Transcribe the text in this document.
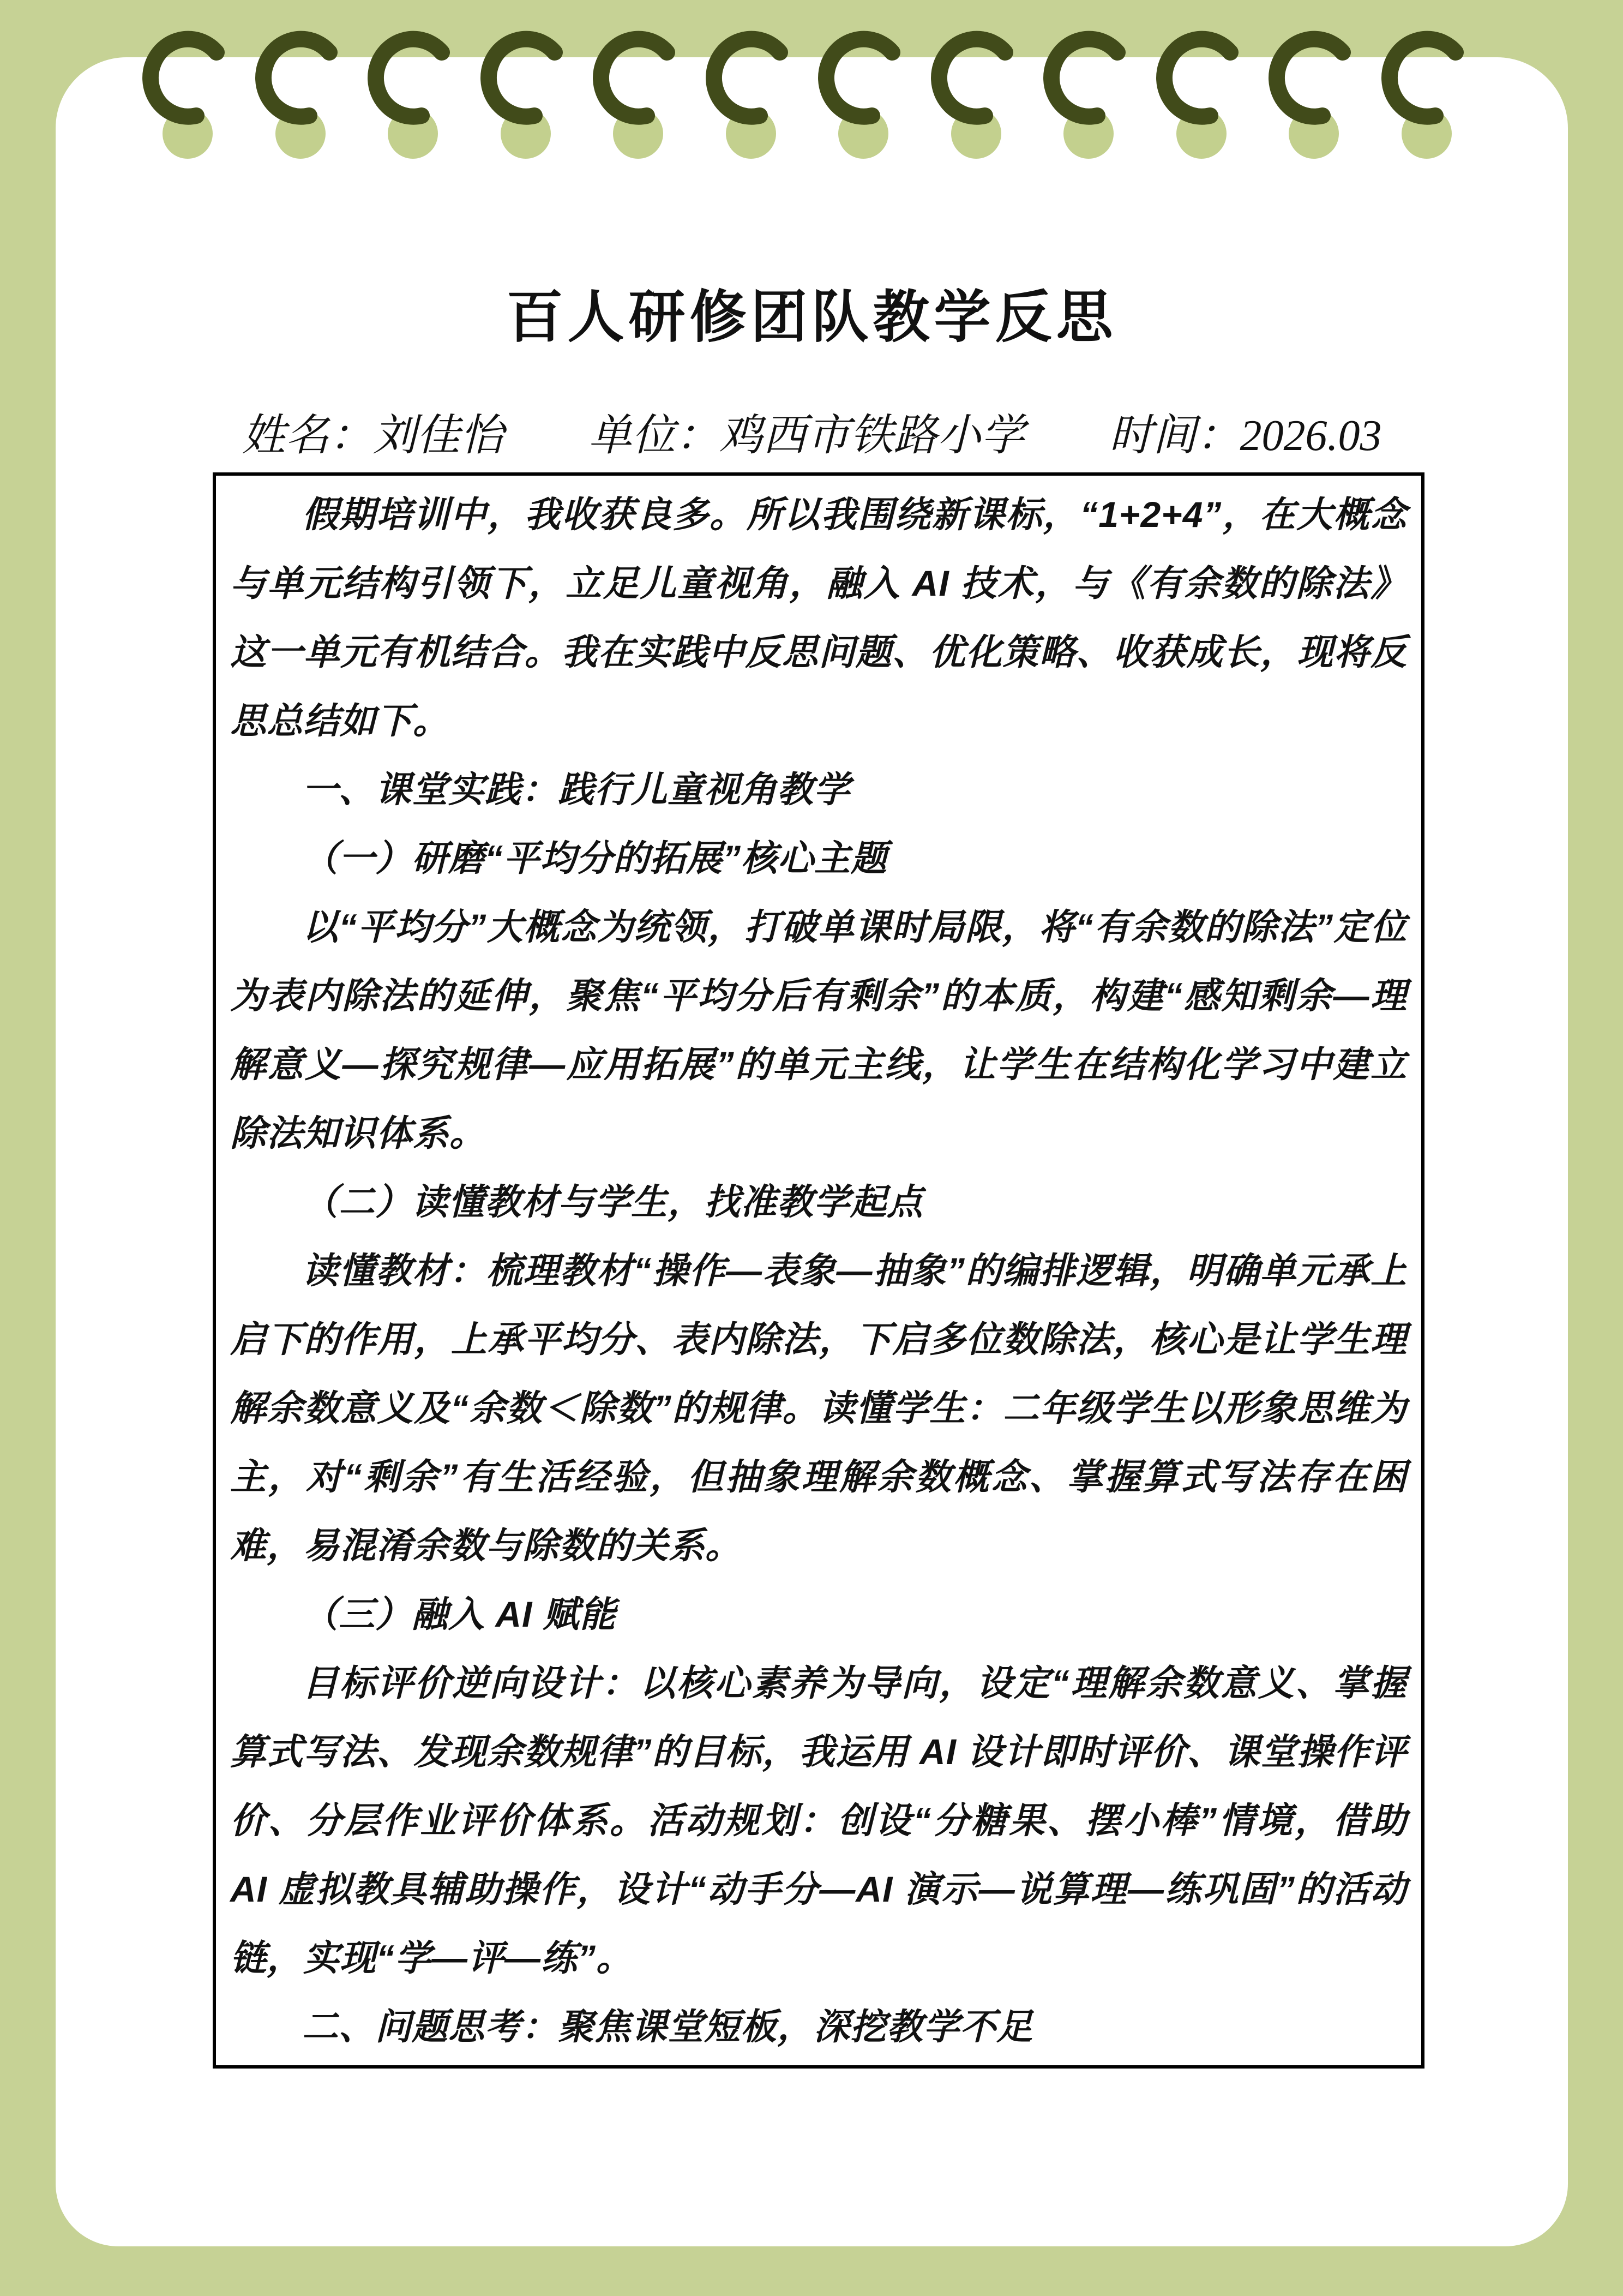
百人研修团队教学反思
姓名：刘佳怡 单位：鸡西市铁路小学 时间：2026.03

假期培训中，我收获良多。所以我围绕新课标，“1+2+4”，在大概念与单元结构引领下，立足儿童视角，融入 AI 技术，与《有余数的除法》这一单元有机结合。我在实践中反思问题、优化策略、收获成长，现将反思总结如下。

一、课堂实践：践行儿童视角教学

（一）研磨“平均分的拓展”核心主题

以“平均分”大概念为统领，打破单课时局限，将“有余数的除法”定位为表内除法的延伸，聚焦“平均分后有剩余”的本质，构建“感知剩余—理解意义—探究规律—应用拓展”的单元主线，让学生在结构化学习中建立除法知识体系。

（二）读懂教材与学生，找准教学起点

读懂教材：梳理教材“操作—表象—抽象”的编排逻辑，明确单元承上启下的作用，上承平均分、表内除法，下启多位数除法，核心是让学生理解余数意义及“余数＜除数”的规律。读懂学生：二年级学生以形象思维为主，对“剩余”有生活经验，但抽象理解余数概念、掌握算式写法存在困难，易混淆余数与除数的关系。

（三）融入 AI 赋能

目标评价逆向设计：以核心素养为导向，设定“理解余数意义、掌握算式写法、发现余数规律”的目标，我运用 AI 设计即时评价、课堂操作评价、分层作业评价体系。活动规划：创设“分糖果、摆小棒”情境，借助 AI 虚拟教具辅助操作，设计“动手分—AI 演示—说算理—练巩固”的活动链，实现“学—评—练”。

二、问题思考：聚焦课堂短板，深挖教学不足
